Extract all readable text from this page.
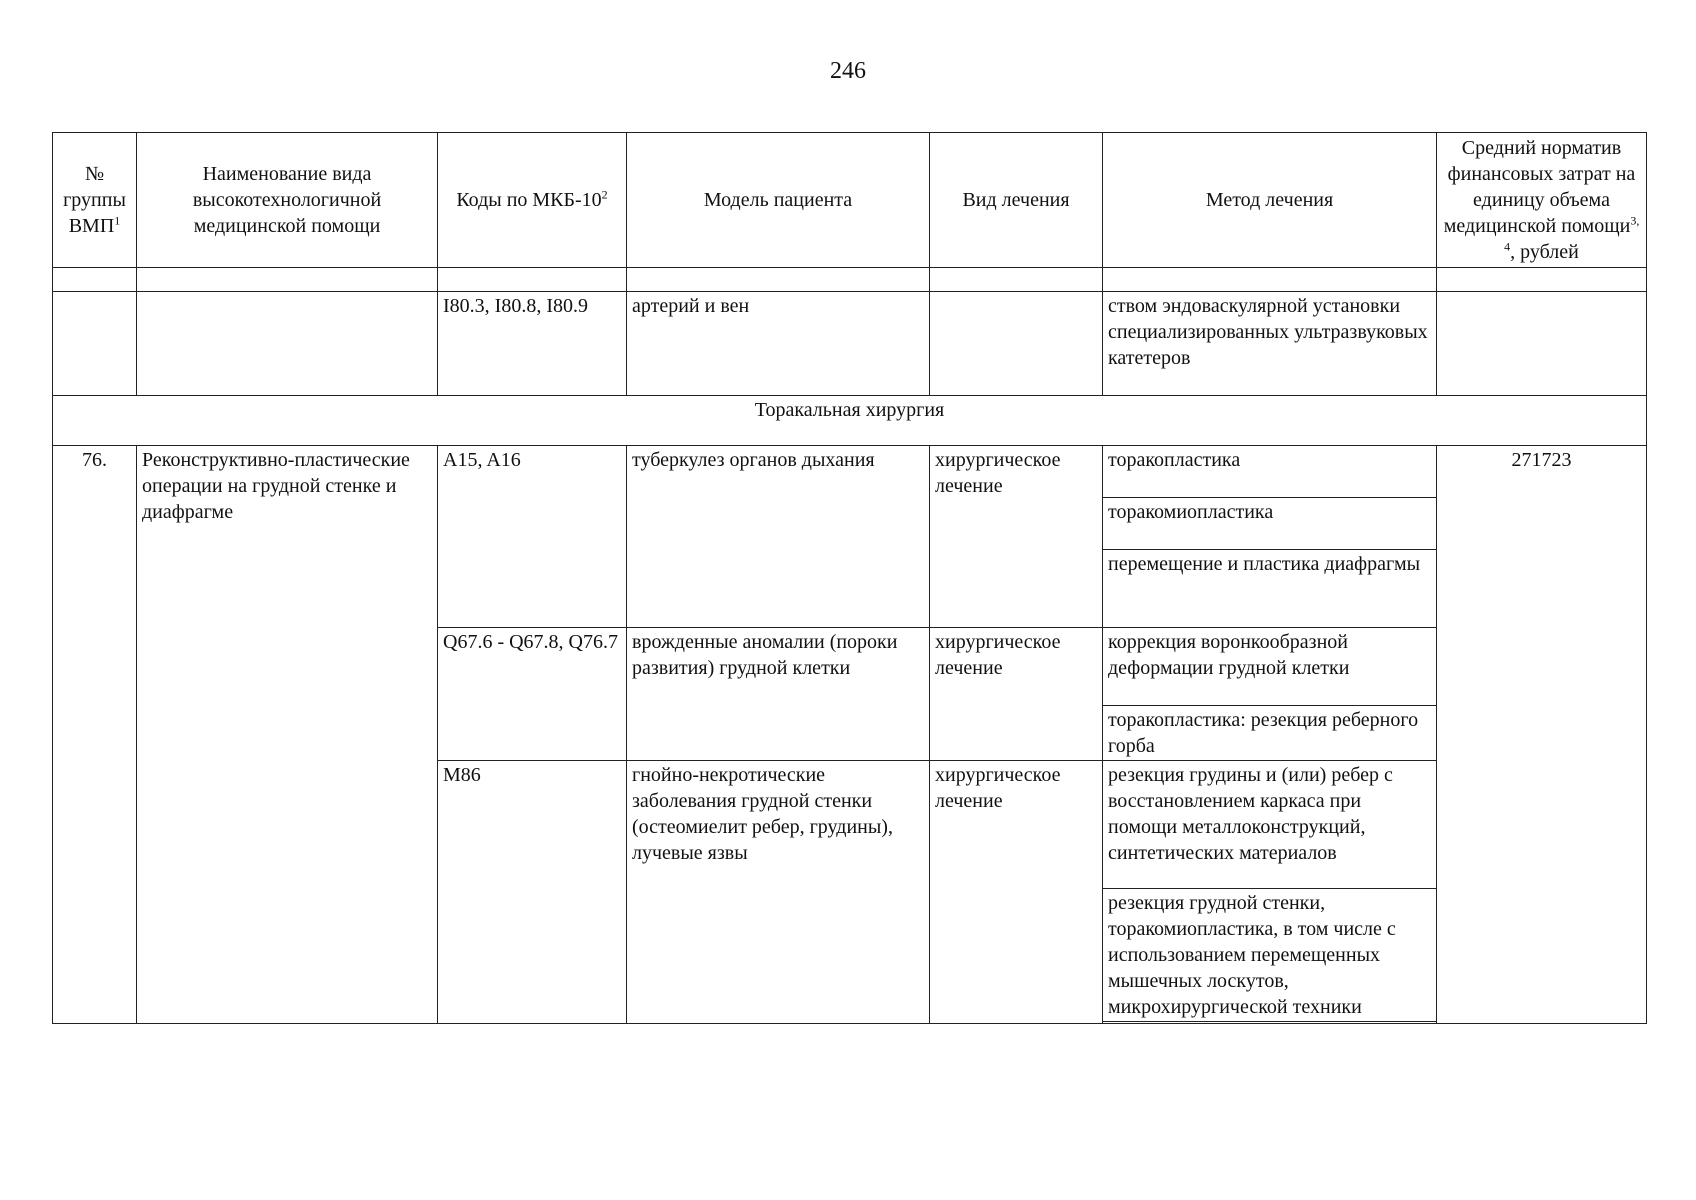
246
№ группы ВМП$^1$	Наименование вида высокотехнологичной медицинской помощи	Коды по МКБ-$10^2$	Модель пациента	Вид лечения	Метод лечения	Средний норматив финансовых затрат на единицу объема медицинской помощи$^{3, 4}$, рублей

		I80.3, I80.8, I80.9	артерий и вен		ством эндоваскулярной установки специализированных ультразвуковых катетеров	
Торакальная хирургия						
76.	Реконструктивно-пластические операции на грудной стенке и диафрагме	A15, A16	туберкулез органов дыхания	хирургическое лечение	торакопластика	271723
					торакомиопластика	
					перемещение и пластика диафрагмы	
		Q67.6 - Q67.8, Q76.7	врожденные аномалии (пороки развития) грудной клетки	хирургическое лечение	коррекция воронкообразной деформации грудной клетки	
					торакопластика: резекция реберного горба	
		M86	гнойно-некротические заболевания грудной стенки (остеомиелит ребер, грудины), лучевые язвы	хирургическое лечение	резекция грудины и (или) ребер с восстановлением каркаса при помощи металлоконструкций, синтетических материалов	
					резекция грудной стенки, торакомиопластика, в том числе с использованием перемещенных мышечных лоскутов, микрохирургической техники	
